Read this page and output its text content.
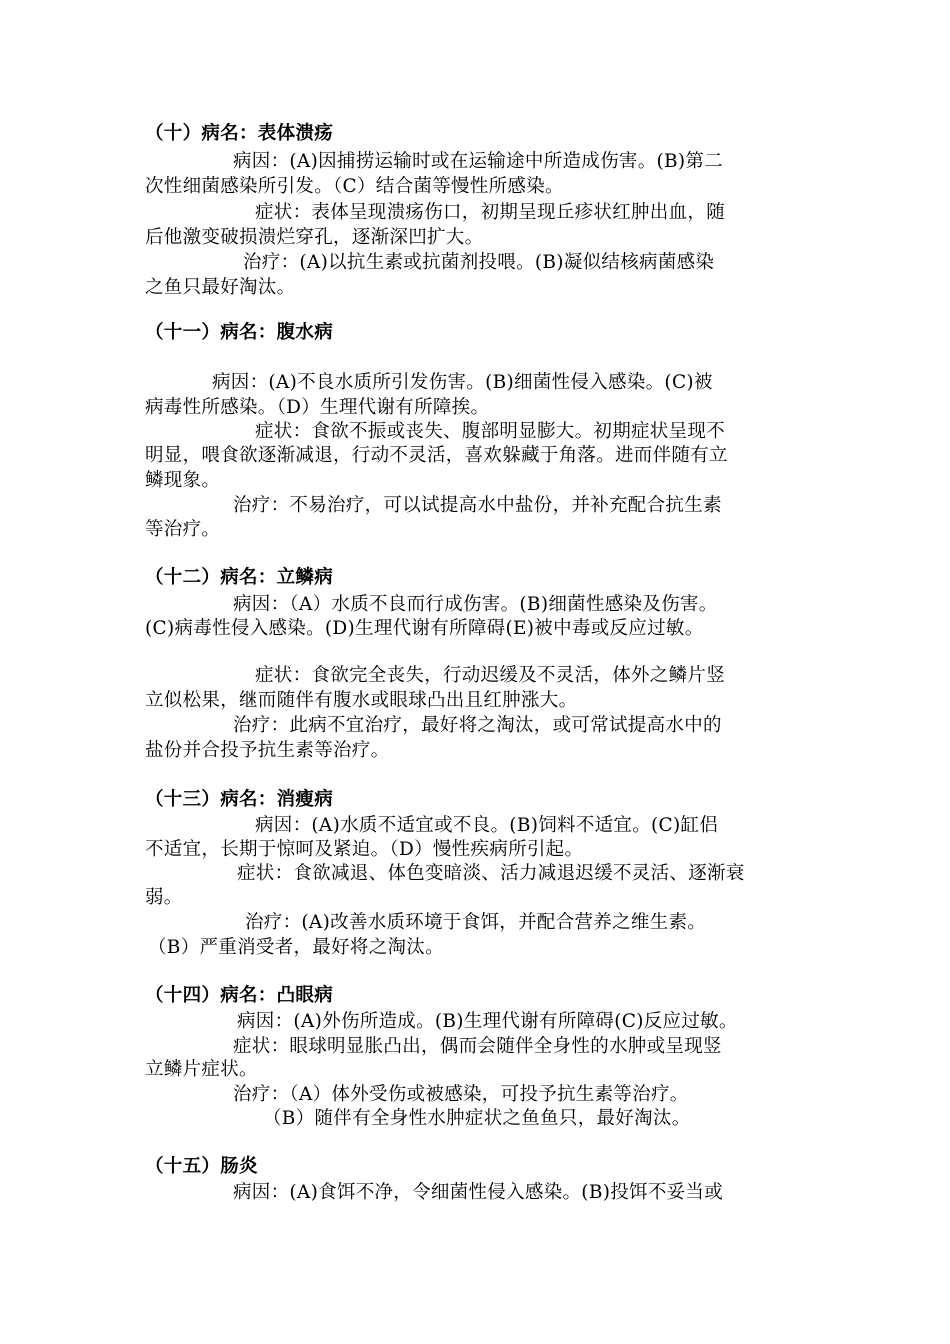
（十）病名：表体溃疡
病因：(A)因捕捞运输时或在运输途中所造成伤害。(B)第二
次性细菌感染所引发。（C）结合菌等慢性所感染。
症状：表体呈现溃疡伤口，初期呈现丘疹状红肿出血，随
后他激变破损溃烂穿孔，逐渐深凹扩大。
治疗：(A)以抗生素或抗菌剂投喂。(B)凝似结核病菌感染
之鱼只最好淘汰。
（十一）病名：腹水病
病因：(A)不良水质所引发伤害。(B)细菌性侵入感染。(C)被
病毒性所感染。（D）生理代谢有所障挨。
症状：食欲不振或丧失、腹部明显膨大。初期症状呈现不
明显，喂食欲逐渐减退，行动不灵活，喜欢躲藏于角落。进而伴随有立
鳞现象。
治疗：不易治疗，可以试提高水中盐份，并补充配合抗生素
等治疗。
（十二）病名：立鳞病
病因：（A）水质不良而行成伤害。(B)细菌性感染及伤害。
(C)病毒性侵入感染。(D)生理代谢有所障碍(E)被中毒或反应过敏。
症状：食欲完全丧失，行动迟缓及不灵活，体外之鳞片竖
立似松果，继而随伴有腹水或眼球凸出且红肿涨大。
治疗：此病不宜治疗，最好将之淘汰，或可常试提高水中的
盐份并合投予抗生素等治疗。
（十三）病名：消瘦病
病因：(A)水质不适宜或不良。(B)饲料不适宜。(C)缸侣
不适宜，长期于惊呵及紧迫。（D）慢性疾病所引起。
症状：食欲减退、体色变暗淡、活力减退迟缓不灵活、逐渐衰
弱。
治疗：(A)改善水质环境于食饵，并配合营养之维生素。
（B）严重消受者，最好将之淘汰。
（十四）病名：凸眼病
病因：(A)外伤所造成。(B)生理代谢有所障碍(C)反应过敏。
症状：眼球明显胀凸出，偶而会随伴全身性的水肿或呈现竖
立鳞片症状。
治疗：（A）体外受伤或被感染，可投予抗生素等治疗。
（B）随伴有全身性水肿症状之鱼鱼只，最好淘汰。
（十五）肠炎
病因：(A)食饵不净，令细菌性侵入感染。(B)投饵不妥当或
